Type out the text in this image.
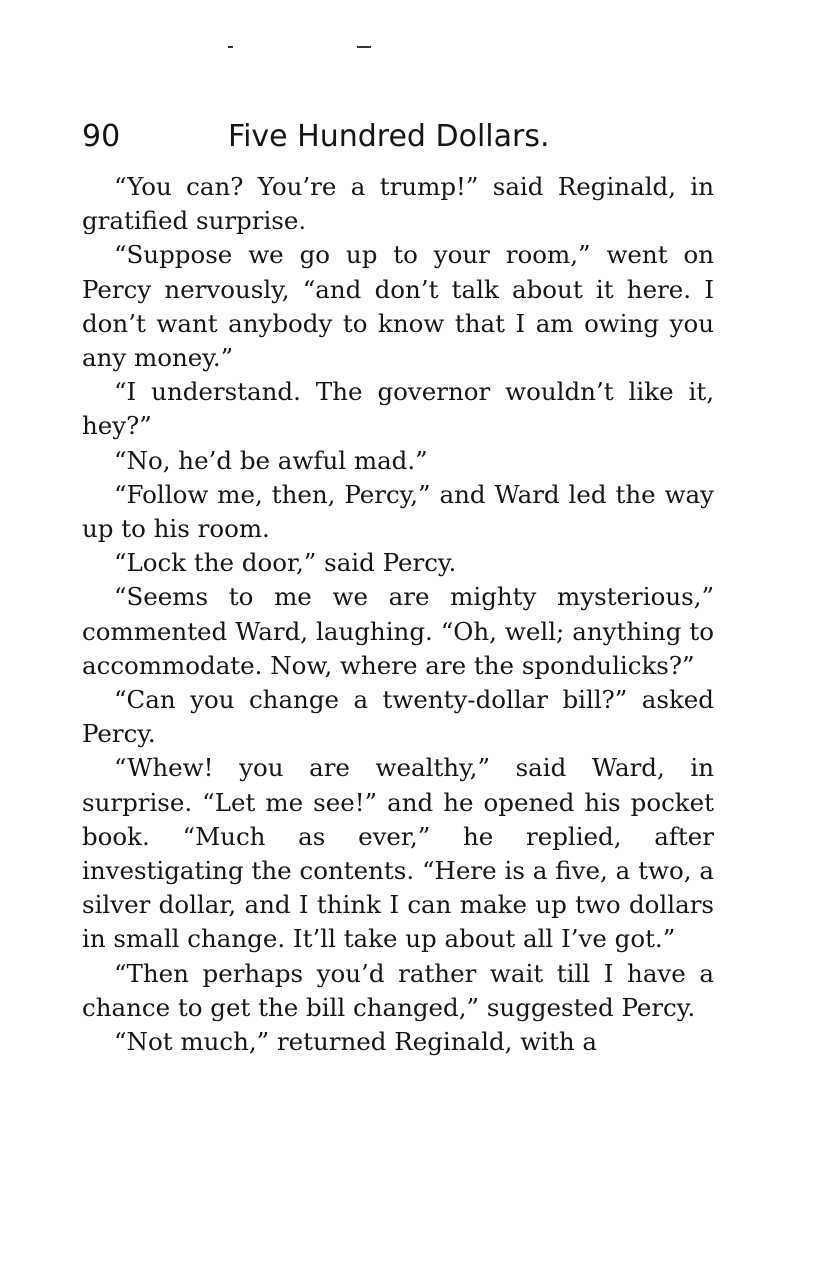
90	Five Hundred Dollars.

“You can? You’re a trump!” said Reginald, in gratified surprise.

“Suppose we go up to your room,” went on Percy nervously, “and don’t talk about it here. I don’t want anybody to know that I am owing you any money.”

“I understand. The governor wouldn’t like it, hey?”

“No, he’d be awful mad.”

“Follow me, then, Percy,” and Ward led the way up to his room.

“Lock the door,” said Percy.

“Seems to me we are mighty mysterious,” commented Ward, laughing. “Oh, well; anything to accommodate. Now, where are the spondulicks?”

“Can you change a twenty-dollar bill?” asked Percy.

“Whew! you are wealthy,” said Ward, in surprise. “Let me see!” and he opened his pocket book. “Much as ever,” he replied, after investigating the contents. “Here is a five, a two, a silver dollar, and I think I can make up two dollars in small change. It’ll take up about all I’ve got.”

“Then perhaps you’d rather wait till I have a chance to get the bill changed,” suggested Percy.

“Not much,” returned Reginald, with a
